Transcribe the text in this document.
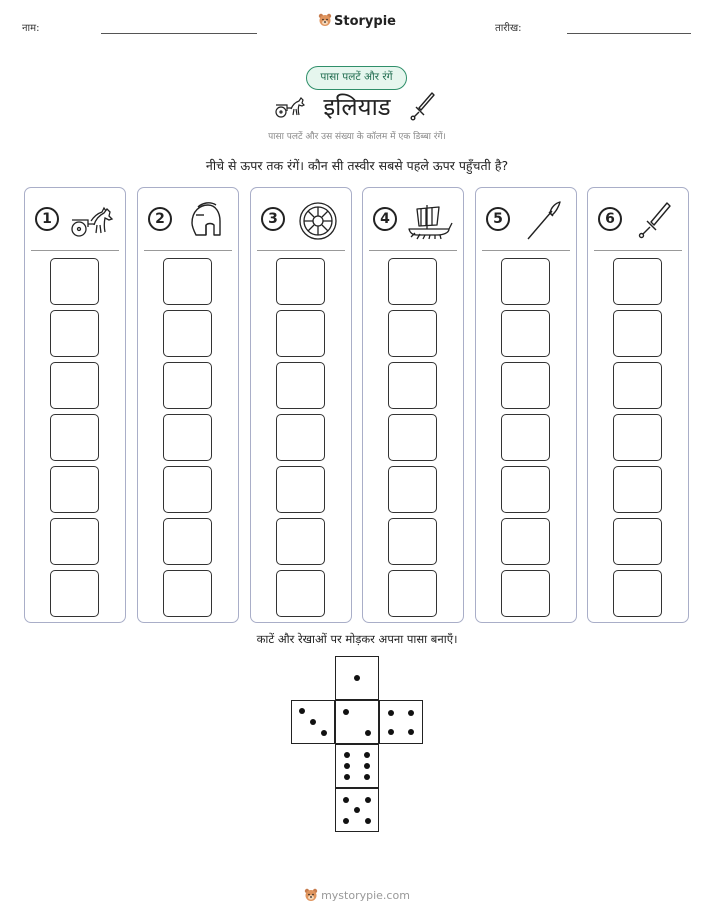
नाम:	Storypie	तारीख:
पासा पलटें और रंगें
इलियाड
पासा पलटें और उस संख्या के कॉलम में एक डिब्बा रंगें।
नीचे से ऊपर तक रंगें। कौन सी तस्वीर सबसे पहले ऊपर पहुँचती है?
1	2	3	4	5	6
काटें और रेखाओं पर मोड़कर अपना पासा बनाएँ।
mystorypie.com
